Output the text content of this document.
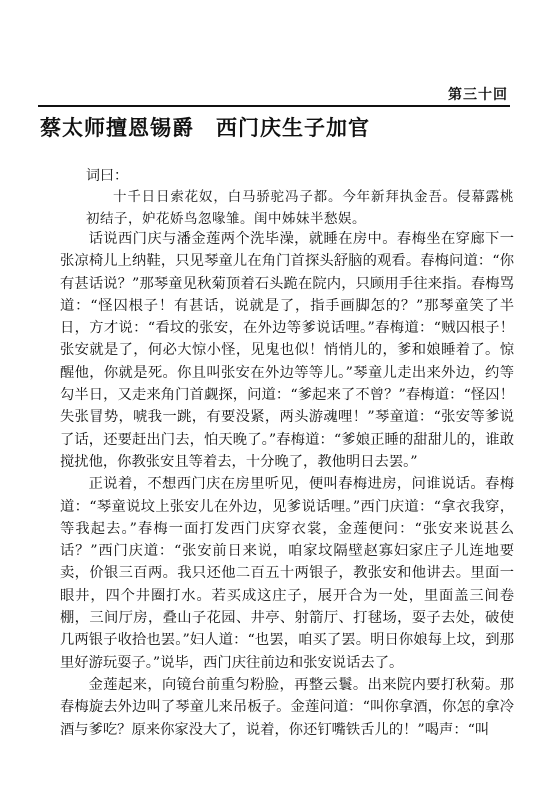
第三十回
蔡太师擅恩锡爵　西门庆生子加官
词曰：

十千日日索花奴，白马骄驼冯子都。今年新拜执金吾。侵幕露桃初结子，妒花娇鸟忽喙雏。闺中姊妹半愁娱。

话说西门庆与潘金莲两个洗毕澡，就睡在房中。春梅坐在穿廊下一张凉椅儿上纳鞋，只见琴童儿在角门首探头舒脑的观看。春梅问道：“你有甚话说？”那琴童见秋菊顶着石头跪在院内，只顾用手往来指。春梅骂道：“怪囚根子！有甚话，说就是了，指手画脚怎的？”那琴童笑了半日，方才说：“看坟的张安，在外边等爹说话哩。”春梅道：“贼囚根子！张安就是了，何必大惊小怪，见鬼也似！悄悄儿的，爹和娘睡着了。惊醒他，你就是死。你且叫张安在外边等等儿。”琴童儿走出来外边，约等勾半日，又走来角门首觑探，问道：“爹起来了不曾？”春梅道：“怪囚！失张冒势，唬我一跳，有要没紧，两头游魂哩！”琴童道：“张安等爹说了话，还要赶出门去，怕天晚了。”春梅道：“爹娘正睡的甜甜儿的，谁敢搅扰他，你教张安且等着去，十分晚了，教他明日去罢。”

正说着，不想西门庆在房里听见，便叫春梅进房，问谁说话。春梅道：“琴童说坟上张安儿在外边，见爹说话哩。”西门庆道：“拿衣我穿，等我起去。”春梅一面打发西门庆穿衣裳，金莲便问：“张安来说甚么话？”西门庆道：“张安前日来说，咱家坟隔壁赵寡妇家庄子儿连地要卖，价银三百两。我只还他二百五十两银子，教张安和他讲去。里面一眼井，四个井圈打水。若买成这庄子，展开合为一处，里面盖三间卷棚，三间厅房，叠山子花园、井亭、射箭厅、打毬场，耍子去处，破使几两银子收拾也罢。”妇人道：“也罢，咱买了罢。明日你娘每上坟，到那里好游玩耍子。”说毕，西门庆往前边和张安说话去了。

金莲起来，向镜台前重匀粉脸，再整云鬟。出来院内要打秋菊。那春梅旋去外边叫了琴童儿来吊板子。金莲问道：“叫你拿酒，你怎的拿冷酒与爹吃？原来你家没大了，说着，你还钉嘴铁舌儿的！”喝声：“叫
